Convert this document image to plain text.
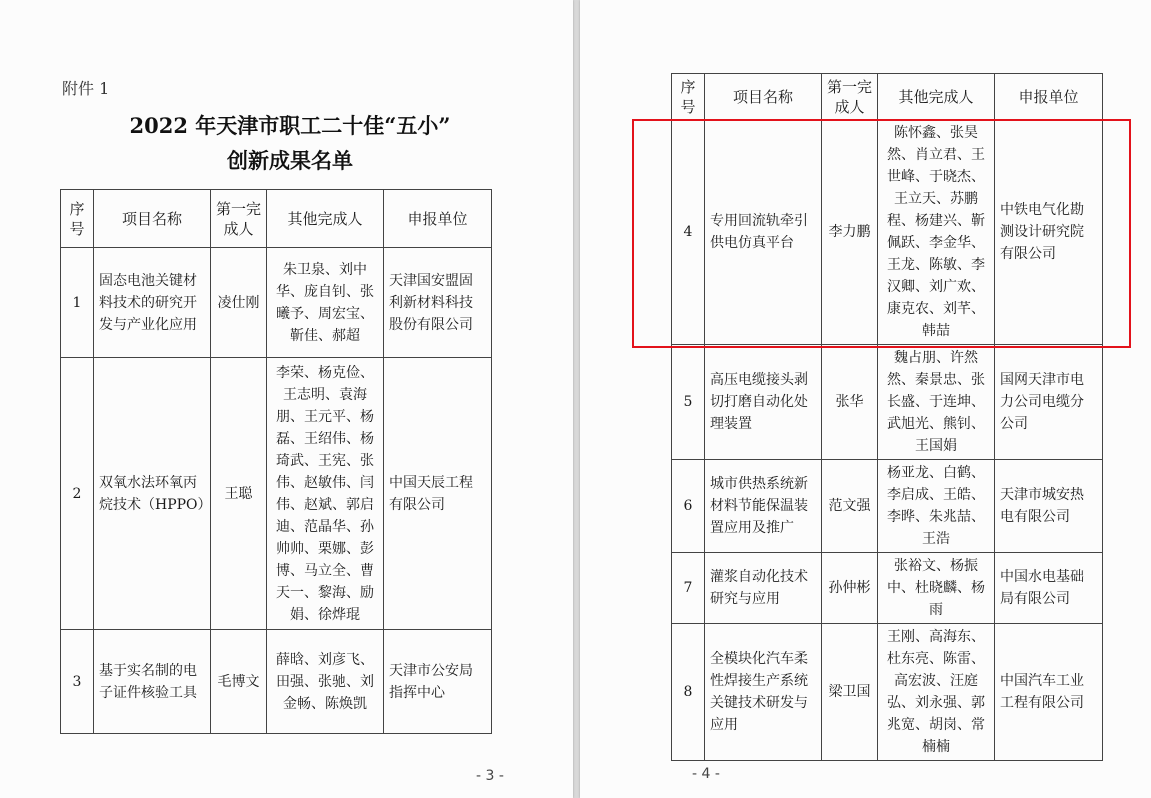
附件 1
2022 年天津市职工二十佳“五小”
创新成果名单
序号	项目名称	第一完成人	其他完成人	申报单位
1	固态电池关键材料技术的研究开发与产业化应用	凌仕刚	朱卫泉、刘中华、庞自钊、张曦予、周宏宝、靳佳、郝超	天津国安盟固利新材料科技股份有限公司
2	双氧水法环氧丙烷技术（HPPO）	王聪	李荣、杨克俭、王志明、袁海朋、王元平、杨磊、王绍伟、杨琦武、王宪、张伟、赵敏伟、闫伟、赵斌、郭启迪、范晶华、孙帅帅、栗娜、彭博、马立全、曹天一、黎海、励娟、徐烨琨	中国天辰工程有限公司
3	基于实名制的电子证件核验工具	毛博文	薛晗、刘彦飞、田强、张驰、刘金畅、陈焕凯	天津市公安局指挥中心
- 3 -
序号	项目名称	第一完成人	其他完成人	申报单位
4	专用回流轨牵引供电仿真平台	李力鹏	陈怀鑫、张昊然、肖立君、王世峰、于晓杰、王立天、苏鹏程、杨建兴、靳佩跃、李金华、王龙、陈敏、李汉卿、刘广欢、康克农、刘芊、韩喆	中铁电气化勘测设计研究院有限公司
5	高压电缆接头剥切打磨自动化处理装置	张华	魏占朋、许然然、秦景忠、张长盛、于连坤、武旭光、熊钊、王国娟	国网天津市电力公司电缆分公司
6	城市供热系统新材料节能保温装置应用及推广	范文强	杨亚龙、白鹤、李启成、王皓、李晔、朱兆喆、王浩	天津市城安热电有限公司
7	灌浆自动化技术研究与应用	孙仲彬	张裕文、杨振中、杜晓麟、杨雨	中国水电基础局有限公司
8	全模块化汽车柔性焊接生产系统关键技术研发与应用	梁卫国	王刚、高海东、杜东亮、陈雷、高宏波、汪庭弘、刘永强、郭兆宽、胡岗、常楠楠	中国汽车工业工程有限公司
- 4 -
